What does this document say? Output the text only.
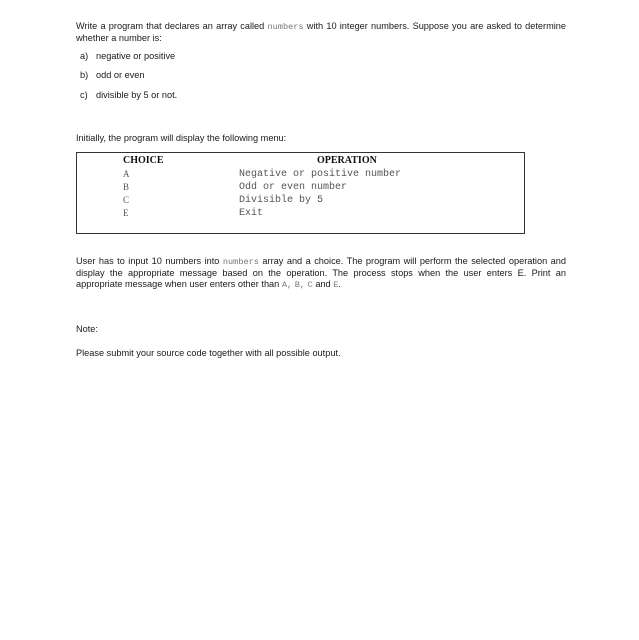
Write a program that declares an array called numbers with 10 integer numbers. Suppose you are asked to determine whether a number is:
a) negative or positive
b) odd or even
c) divisible by 5 or not.
Initially, the program will display the following menu:
CHOICE	OPERATION
A	Negative or positive number
B	Odd or even number
C	Divisible by 5
E	Exit
User has to input 10 numbers into numbers array and a choice. The program will perform the selected operation and display the appropriate message based on the operation. The process stops when the user enters E. Print an appropriate message when user enters other than A, B, C and E.
Note:
Please submit your source code together with all possible output.
